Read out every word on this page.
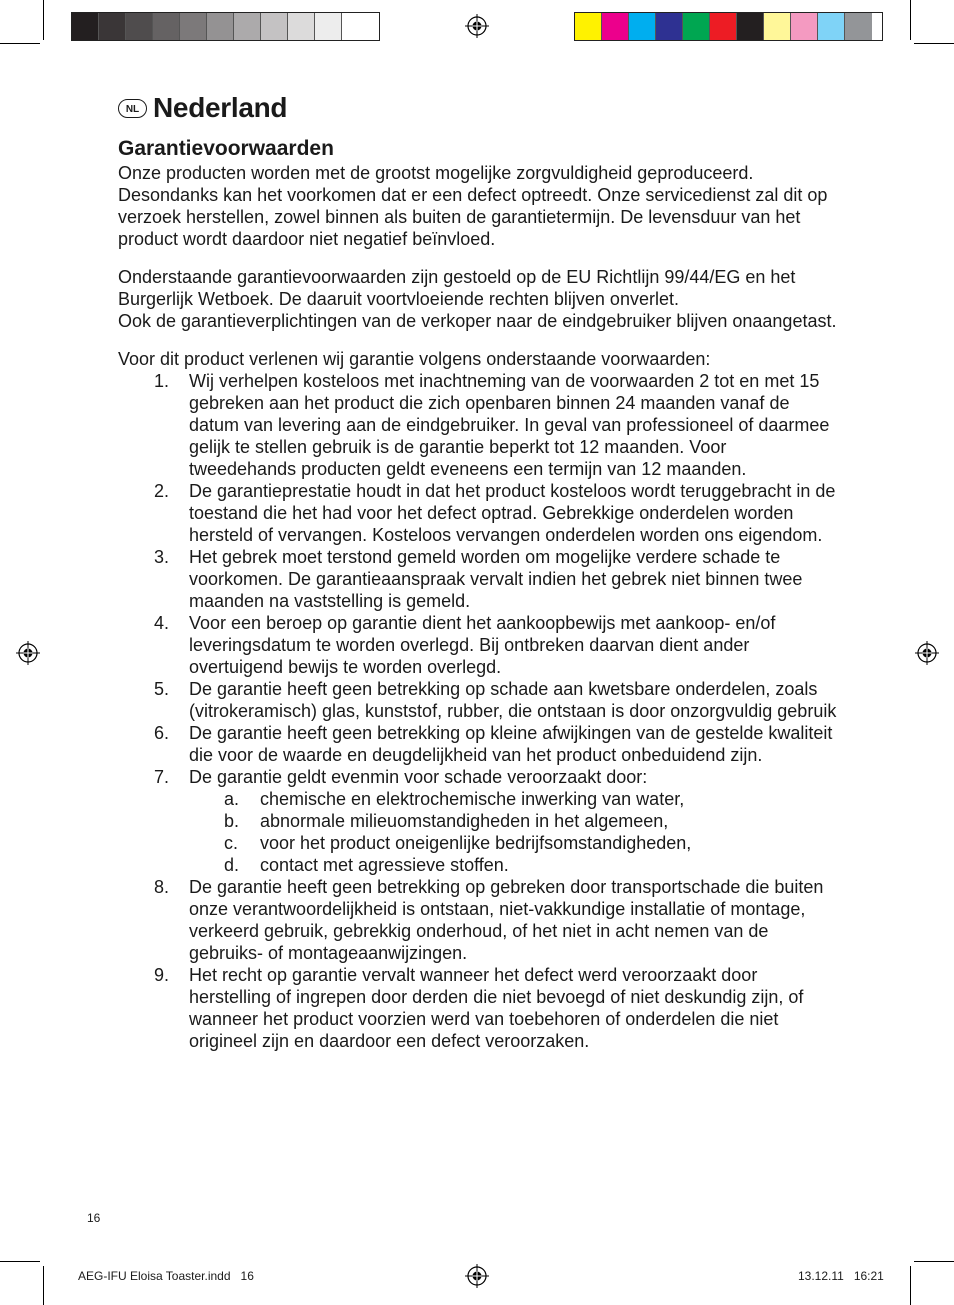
NL Nederland
Garantievoorwaarden

Onze producten worden met de grootst mogelijke zorgvuldigheid geproduceerd. Desondanks kan het voorkomen dat er een defect optreedt. Onze servicedienst zal dit op verzoek herstellen, zowel binnen als buiten de garantietermijn. De levensduur van het product wordt daardoor niet negatief beïnvloed.

Onderstaande garantievoorwaarden zijn gestoeld op de EU Richtlijn 99/44/EG en het Burgerlijk Wetboek. De daaruit voortvloeiende rechten blijven onverlet.

Ook de garantieverplichtingen van de verkoper naar de eindgebruiker blijven onaangetast.

Voor dit product verlenen wij garantie volgens onderstaande voorwaarden:

1.	Wij verhelpen kosteloos met inachtneming van de voorwaarden 2 tot en met 15 gebreken aan het product die zich openbaren binnen 24 maanden vanaf de datum van levering aan de eindgebruiker. In geval van professioneel of daarmee gelijk te stellen gebruik is de garantie beperkt tot 12 maanden. Voor tweedehands producten geldt eveneens een termijn van 12 maanden.
2.	De garantieprestatie houdt in dat het product kosteloos wordt teruggebracht in de toestand die het had voor het defect optrad. Gebrekkige onderdelen worden hersteld of vervangen. Kosteloos vervangen onderdelen worden ons eigendom.
3.	Het gebrek moet terstond gemeld worden om mogelijke verdere schade te voorkomen. De garantieaanspraak vervalt indien het gebrek niet binnen twee maanden na vaststelling is gemeld.
4.	Voor een beroep op garantie dient het aankoopbewijs met aankoop- en/of leveringsdatum te worden overlegd. Bij ontbreken daarvan dient ander overtuigend bewijs te worden overlegd.
5.	De garantie heeft geen betrekking op schade aan kwetsbare onderdelen, zoals (vitrokeramisch) glas, kunststof, rubber, die ontstaan is door onzorgvuldig gebruik
6.	De garantie heeft geen betrekking op kleine afwijkingen van de gestelde kwaliteit die voor de waarde en deugdelijkheid van het product onbeduidend zijn.
7.	De garantie geldt evenmin voor schade veroorzaakt door:
a.	chemische en elektrochemische inwerking van water,
b.	abnormale milieuomstandigheden in het algemeen,
c.	voor het product oneigenlijke bedrijfsomstandigheden,
d.	contact met agressieve stoffen.
8.	De garantie heeft geen betrekking op gebreken door transportschade die buiten onze verantwoordelijkheid is ontstaan, niet-vakkundige installatie of montage, verkeerd gebruik, gebrekkig onderhoud, of het niet in acht nemen van de gebruiks- of montageaanwijzingen.
9.	Het recht op garantie vervalt wanneer het defect werd veroorzaakt door herstelling of ingrepen door derden die niet bevoegd of niet deskundig zijn, of wanneer het product voorzien werd van toebehoren of onderdelen die niet origineel zijn en daardoor een defect veroorzaken.
16
AEG-IFU Eloisa Toaster.indd   16	13.12.11   16:21
